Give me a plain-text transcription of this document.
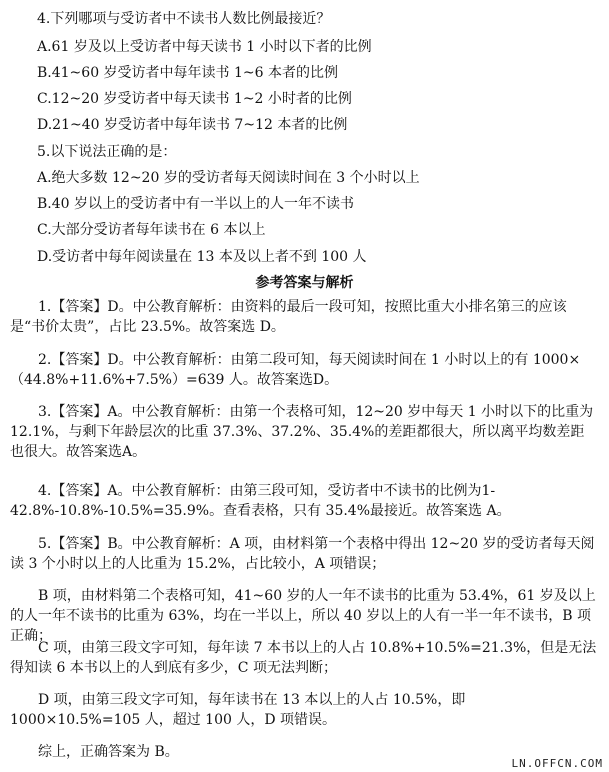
4.下列哪项与受访者中不读书人数比例最接近？
A.61 岁及以上受访者中每天读书 1 小时以下者的比例
B.41~60 岁受访者中每年读书 1~6 本者的比例
C.12~20 岁受访者中每天读书 1~2 小时者的比例
D.21~40 岁受访者中每年读书 7~12 本者的比例
5.以下说法正确的是：
A.绝大多数 12~20 岁的受访者每天阅读时间在 3 个小时以上
B.40 岁以上的受访者中有一半以上的人一年不读书
C.大部分受访者每年读书在 6 本以上
D.受访者中每年阅读量在 13 本及以上者不到 100 人
参考答案与解析
1.【答案】D。中公教育解析：由资料的最后一段可知，按照比重大小排名第三的应该是“书价太贵”，占比 23.5%。故答案选 D。
2.【答案】D。中公教育解析：由第二段可知，每天阅读时间在 1 小时以上的有 1000×（44.8%+11.6%+7.5%）=639 人。故答案选D。
3.【答案】A。中公教育解析：由第一个表格可知，12~20 岁中每天 1 小时以下的比重为 12.1%，与剩下年龄层次的比重 37.3%、37.2%、35.4%的差距都很大，所以离平均数差距也很大。故答案选A。
4.【答案】A。中公教育解析：由第三段可知，受访者中不读书的比例为1-42.8%-10.8%-10.5%=35.9%。查看表格，只有 35.4%最接近。故答案选 A。
5.【答案】B。中公教育解析：A 项，由材料第一个表格中得出 12~20 岁的受访者每天阅读 3 个小时以上的人比重为 15.2%，占比较小，A 项错误；
B 项，由材料第二个表格可知，41~60 岁的人一年不读书的比重为 53.4%，61 岁及以上的人一年不读书的比重为 63%，均在一半以上，所以 40 岁以上的人有一半一年不读书，B 项正确；
C 项，由第三段文字可知，每年读 7 本书以上的人占 10.8%+10.5%=21.3%，但是无法得知读 6 本书以上的人到底有多少，C 项无法判断；
D 项，由第三段文字可知，每年读书在 13 本以上的人占 10.5%，即 1000×10.5%=105 人，超过 100 人，D 项错误。
综上，正确答案为 B。
LN.OFFCN.COM
